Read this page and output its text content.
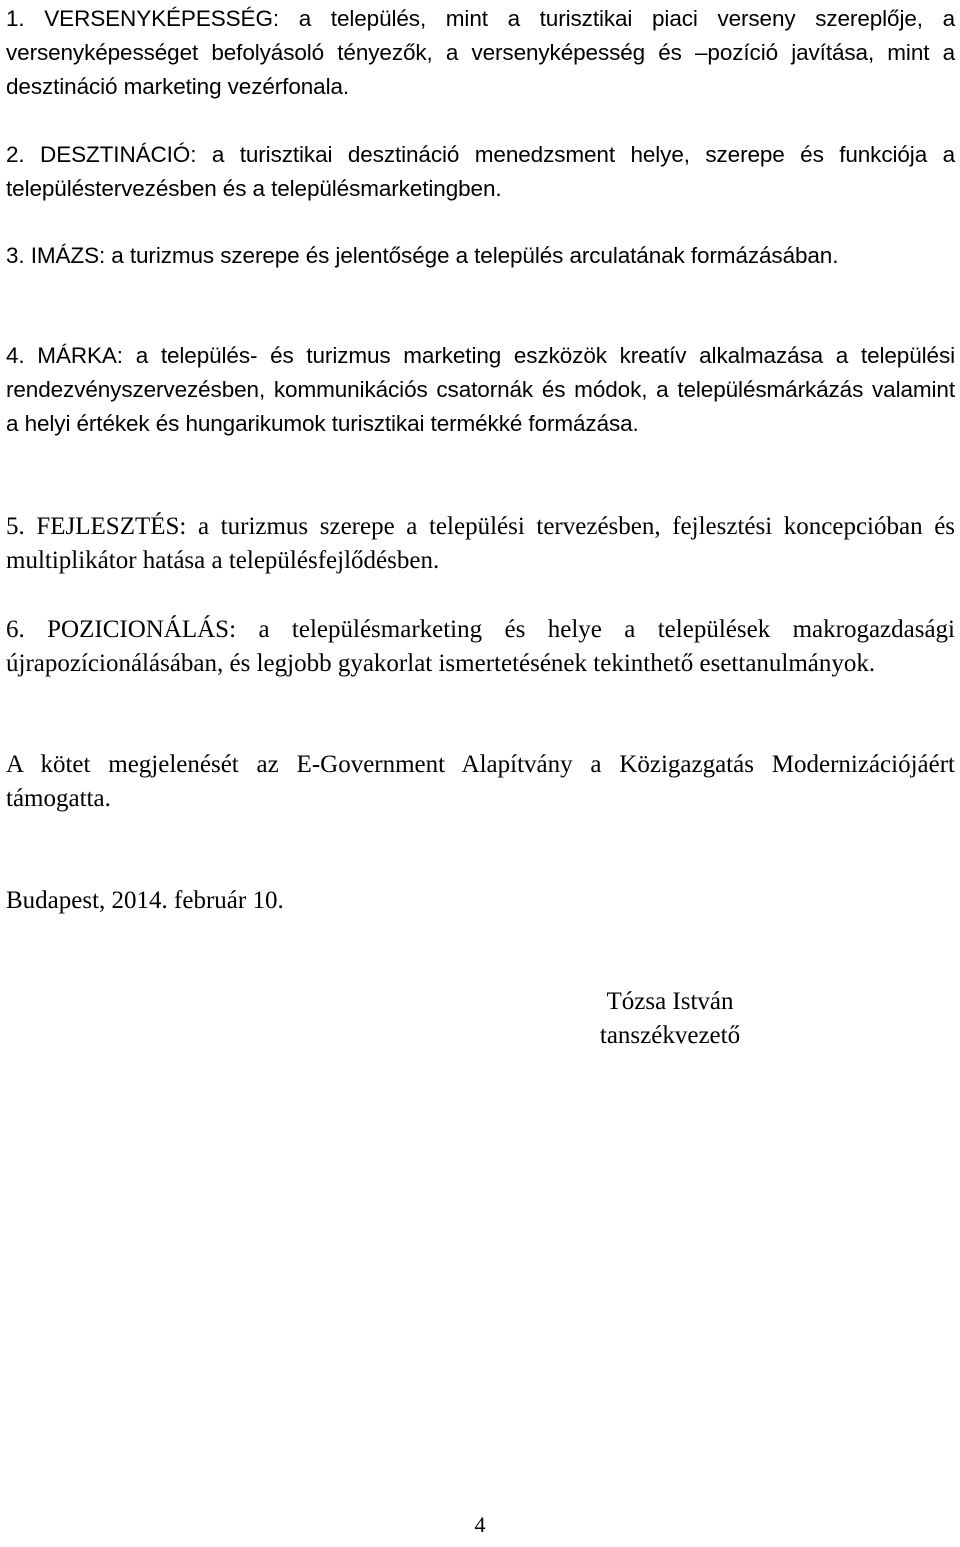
1. VERSENYKÉPESSÉG: a település, mint a turisztikai piaci verseny szereplője, a versenyképességet befolyásoló tényezők, a versenyképesség és –pozíció javítása, mint a desztináció marketing vezérfonala.

2. DESZTINÁCIÓ: a turisztikai desztináció menedzsment helye, szerepe és funkciója a településtervezésben és a településmarketingben.

3. IMÁZS: a turizmus szerepe és jelentősége a település arculatának formázásában.

4. MÁRKA: a település- és turizmus marketing eszközök kreatív alkalmazása a települési rendezvényszervezésben, kommunikációs csatornák és módok, a településmárkázás valamint a helyi értékek és hungarikumok turisztikai termékké formázása.

5. FEJLESZTÉS: a turizmus szerepe a települési tervezésben, fejlesztési koncepcióban és multiplikátor hatása a településfejlődésben.

6. POZICIONÁLÁS: a településmarketing és helye a települések makrogazdasági újrapozícionálásában, és legjobb gyakorlat ismertetésének tekinthető esettanulmányok.

A kötet megjelenését az E-Government Alapítvány a Közigazgatás Modernizációjáért támogatta.

Budapest, 2014. február 10.

Tózsa István
tanszékvezető
4
